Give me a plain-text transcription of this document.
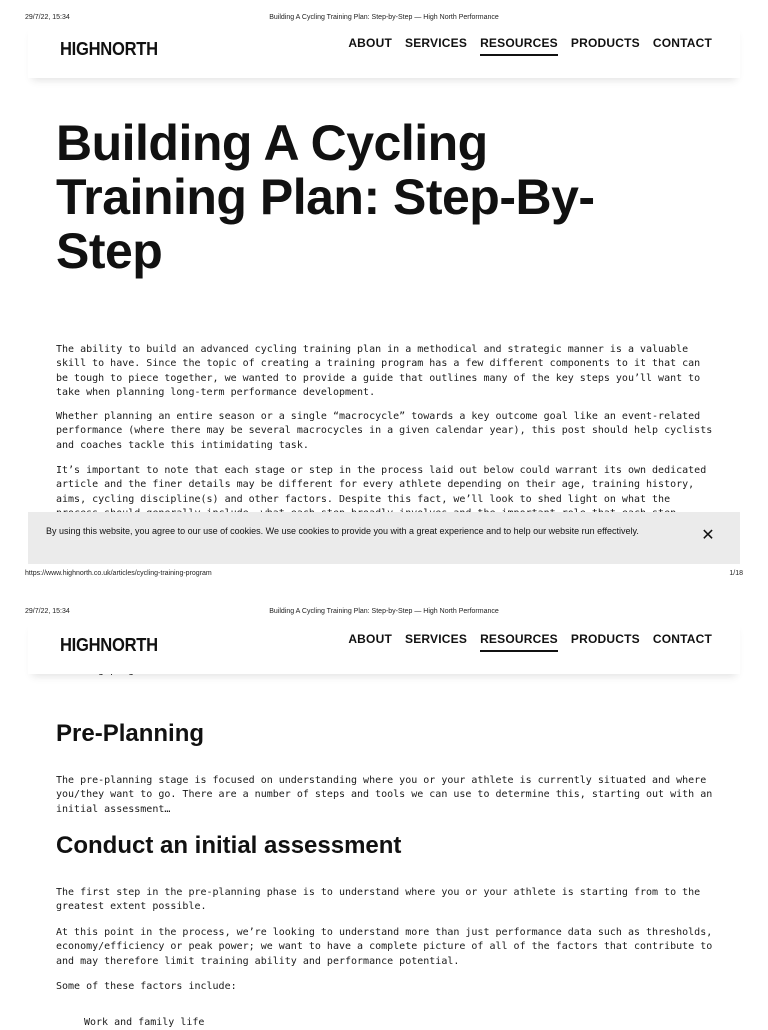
29/7/22, 15:34	Building A Cycling Training Plan: Step-by-Step — High North Performance
HIGHNORTH	ABOUT SERVICES RESOURCES PRODUCTS CONTACT
Building A Cycling Training Plan: Step-By-Step

The ability to build an advanced cycling training plan in a methodical and strategic manner is a valuable skill to have. Since the topic of creating a training program has a few different components to it that can be tough to piece together, we wanted to provide a guide that outlines many of the key steps you’ll want to take when planning long-term performance development.

Whether planning an entire season or a single “macrocycle” towards a key outcome goal like an event-related performance (where there may be several macrocycles in a given calendar year), this post should help cyclists and coaches tackle this intimidating task.

It’s important to note that each stage or step in the process laid out below could warrant its own dedicated article and the finer details may be different for every athlete depending on their age, training history, aims, cycling discipline(s) and other factors. Despite this fact, we’ll look to shed light on what the

By using this website, you agree to our use of cookies. We use cookies to provide you with a great experience and to help our website run effectively.	✕
https://www.highnorth.co.uk/articles/cycling-training-program	1/18
29/7/22, 15:34	Building A Cycling Training Plan: Step-by-Step — High North Performance

HIGHNORTH	ABOUT SERVICES RESOURCES PRODUCTS CONTACT
Pre-Planning

The pre-planning stage is focused on understanding where you or your athlete is currently situated and where you/they want to go. There are a number of steps and tools we can use to determine this, starting out with an initial assessment…

Conduct an initial assessment

The first step in the pre-planning phase is to understand where you or your athlete is starting from to the greatest extent possible.

At this point in the process, we’re looking to understand more than just performance data such as thresholds, economy/efficiency or peak power; we want to have a complete picture of all of the factors that contribute to and may therefore limit training ability and performance potential.

Some of these factors include:

Work and family life
